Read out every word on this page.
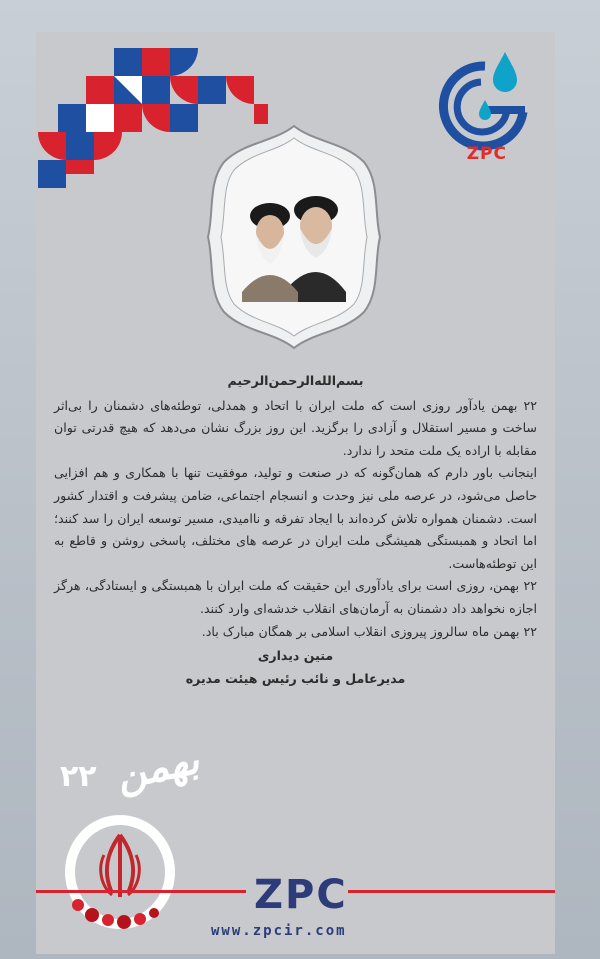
ZPC
بسم‌الله‌الرحمن‌الرحیم

۲۲ بهمن یادآور روزی است که ملت ایران با اتحاد و همدلی، توطئه‌های دشمنان را بی‌اثر ساخت و مسیر استقلال و آزادی را برگزید. این روز بزرگ نشان می‌دهد که هیچ قدرتی توان مقابله با اراده یک ملت متحد را ندارد.

اینجانب باور دارم که همان‌گونه که در صنعت و تولید، موفقیت تنها با همکاری و هم افزایی حاصل می‌شود، در عرصه ملی نیز وحدت و انسجام اجتماعی، ضامن پیشرفت و اقتدار کشور است. دشمنان همواره تلاش کرده‌اند با ایجاد تفرقه و ناامیدی، مسیر توسعه ایران را سد کنند؛ اما اتحاد و همبستگی همیشگی ملت ایران در عرصه های مختلف، پاسخی روشن و قاطع به این توطئه‌هاست.

۲۲ بهمن، روزی است برای یادآوری این حقیقت که ملت ایران با همبستگی و ایستادگی، هرگز اجازه نخواهد داد دشمنان به آرمان‌های انقلاب خدشه‌ای وارد کنند.

۲۲ بهمن ماه سالروز پیروزی انقلاب اسلامی بر همگان مبارک باد.

متین دیداری
مدیرعامل و نائب رئیس هیئت مدیره
۲۲ بهمن
ZPC
www.zpcir.com
